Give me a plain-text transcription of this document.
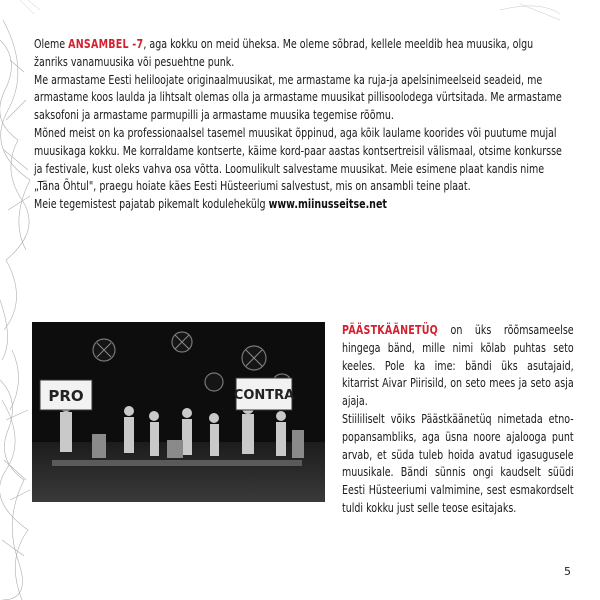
Oleme ANSAMBEL -7, aga kokku on meid üheksa. Me oleme sõbrad, kellele meeldib hea muusika, olgu žanriks vanamuusika või pesuehtne punk.

Me armastame Eesti heliloojate originaalmuusikat, me armastame ka ruja-ja apelsinimeelseid seadeid, me armastame koos laulda ja lihtsalt olemas olla ja armastame muusikat pillisoolodega vürtsitada. Me armastame saksofoni ja armastame parmupilli ja armastame muusika tegemise rõõmu.

Mõned meist on ka professionaalsel tasemel muusikat õppinud, aga kõik laulame koorides või puutume mujal muusikaga kokku. Me korraldame kontserte, käime kord-paar aastas kontsertreisil välismaal, otsime konkursse ja festivale, kust oleks vahva osa võtta. Loomulikult salvestame muusikat. Meie esimene plaat kandis nime „Täna Õhtul", praegu hoiate käes Eesti Hüsteeriumi salvestust, mis on ansambli teine plaat.

Meie tegemistest pajatab pikemalt kodulehekülg www.miinusseitse.net

PRO	CONTRA

PÄÄSTKÄÄNETÜQ on üks rõõmsameelse hingega bänd, mille nimi kõlab puhtas seto keeles. Pole ka ime: bändi üks asutajaid, kitarrist Aivar Piirisild, on seto mees ja seto asja ajaja.

Stiililiselt võiks Päästkäänetüq nimetada etno-popansambliks, aga üsna noore ajalooga punt arvab, et süda tuleb hoida avatud igasugusele muusikale. Bändi sünnis ongi kaudselt süüdi Eesti Hüsteeriumi valmimine, sest esmakordselt tuldi kokku just selle teose esitajaks.

5
